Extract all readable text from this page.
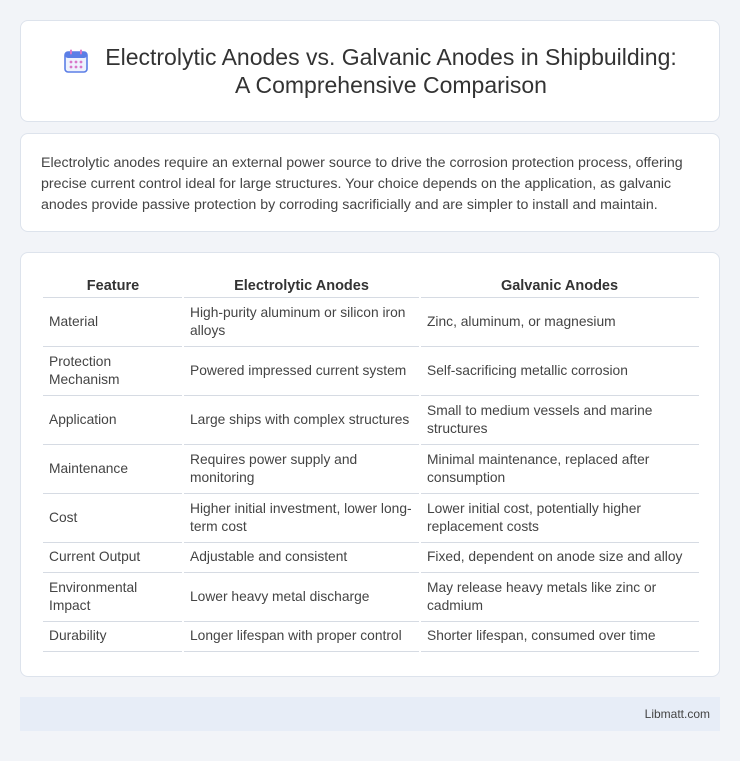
Electrolytic Anodes vs. Galvanic Anodes in Shipbuilding:
A Comprehensive Comparison

Electrolytic anodes require an external power source to drive the corrosion protection process, offering precise current control ideal for large structures. Your choice depends on the application, as galvanic anodes provide passive protection by corroding sacrificially and are simpler to install and maintain.

Feature	Electrolytic Anodes	Galvanic Anodes
Material	High-purity aluminum or silicon iron alloys	Zinc, aluminum, or magnesium
Protection Mechanism	Powered impressed current system	Self-sacrificing metallic corrosion
Application	Large ships with complex structures	Small to medium vessels and marine structures
Maintenance	Requires power supply and monitoring	Minimal maintenance, replaced after consumption
Cost	Higher initial investment, lower long-term cost	Lower initial cost, potentially higher replacement costs
Current Output	Adjustable and consistent	Fixed, dependent on anode size and alloy
Environmental Impact	Lower heavy metal discharge	May release heavy metals like zinc or cadmium
Durability	Longer lifespan with proper control	Shorter lifespan, consumed over time
Libmatt.com
